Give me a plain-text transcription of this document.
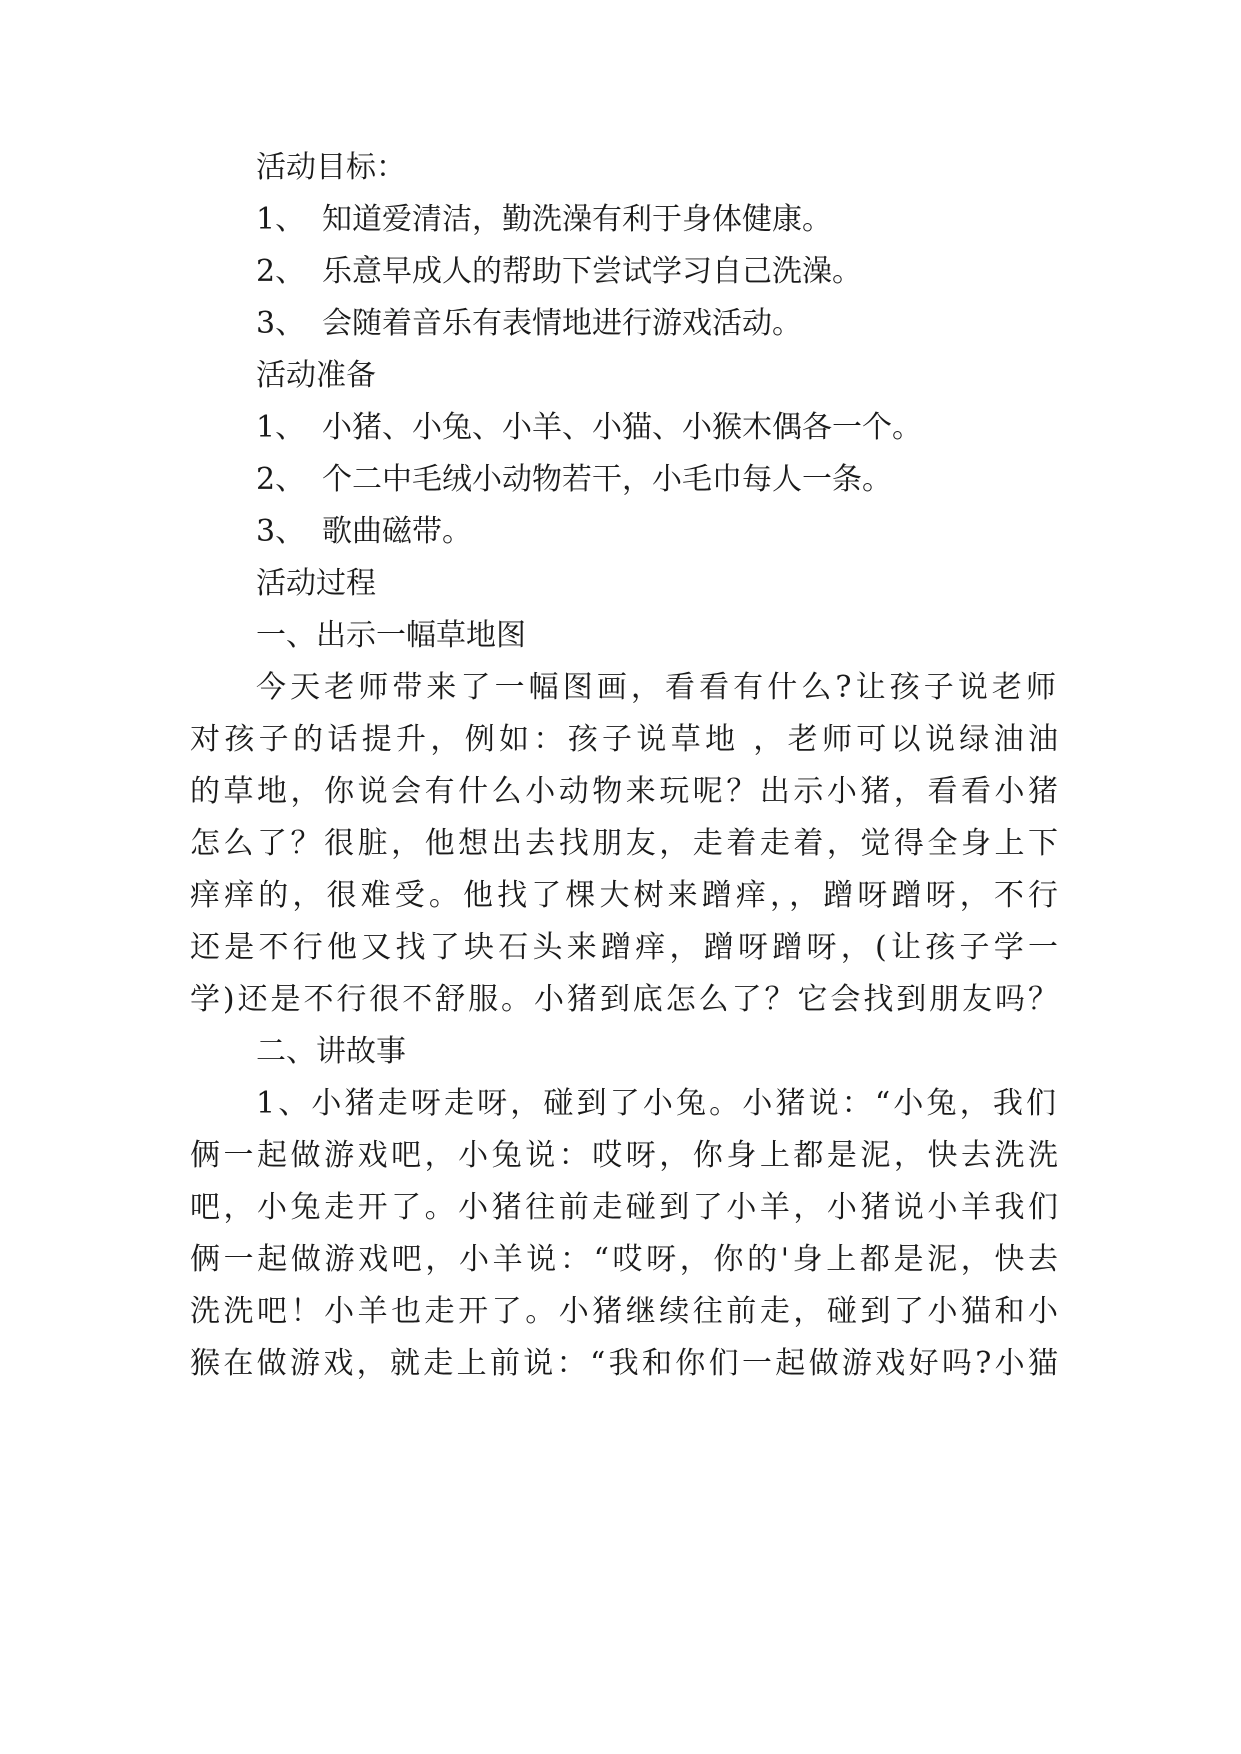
活动目标：
1、 知道爱清洁，勤洗澡有利于身体健康。
2、 乐意早成人的帮助下尝试学习自己洗澡。
3、 会随着音乐有表情地进行游戏活动。
活动准备
1、 小猪、小兔、小羊、小猫、小猴木偶各一个。
2、 个二中毛绒小动物若干，小毛巾每人一条。
3、 歌曲磁带。
活动过程
一、出示一幅草地图
今天老师带来了一幅图画，看看有什么?让孩子说老师
对孩子的话提升，例如：孩子说草地 ，老师可以说绿油油
的草地，你说会有什么小动物来玩呢？出示小猪，看看小猪
怎么了？很脏，他想出去找朋友，走着走着，觉得全身上下
痒痒的，很难受。他找了棵大树来蹭痒，，蹭呀蹭呀，不行
还是不行他又找了块石头来蹭痒，蹭呀蹭呀，(让孩子学一
学)还是不行很不舒服。小猪到底怎么了？它会找到朋友吗？
二、讲故事
1、小猪走呀走呀，碰到了小兔。小猪说：“小兔，我们
俩一起做游戏吧，小兔说：哎呀，你身上都是泥，快去洗洗
吧，小兔走开了。小猪往前走碰到了小羊，小猪说小羊我们
俩一起做游戏吧，小羊说：“哎呀，你的'身上都是泥，快去
洗洗吧！小羊也走开了。小猪继续往前走，碰到了小猫和小
猴在做游戏，就走上前说：“我和你们一起做游戏好吗?小猫
